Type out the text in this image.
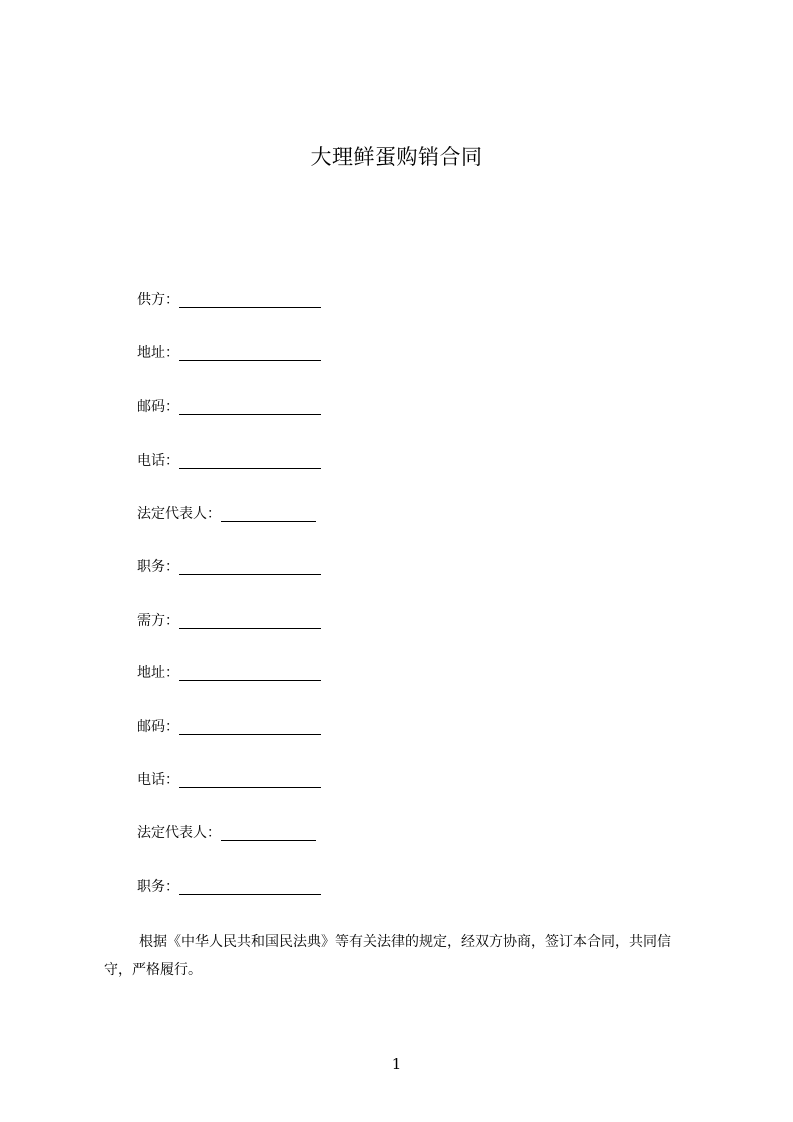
大理鲜蛋购销合同
供方：
地址：
邮码：
电话：
法定代表人：
职务：
需方：
地址：
邮码：
电话：
法定代表人：
职务：
根据《中华人民共和国民法典》等有关法律的规定，经双方协商，签订本合同，共同信守，严格履行。
1
